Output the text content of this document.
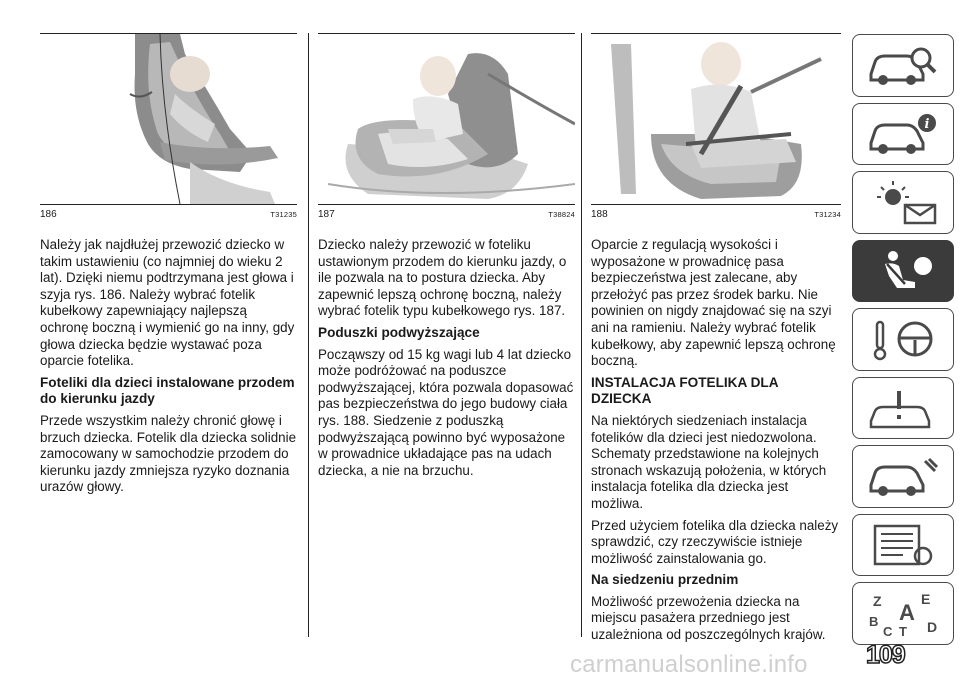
186	T31235

Należy jak najdłużej przewozić dziecko w takim ustawieniu (co najmniej do wieku 2 lat). Dzięki niemu podtrzymana jest głowa i szyja rys. 186. Należy wybrać fotelik kubełkowy zapewniający najlepszą ochronę boczną i wymienić go na inny, gdy głowa dziecka będzie wystawać poza oparcie fotelika.

Foteliki dla dzieci instalowane przodem do kierunku jazdy

Przede wszystkim należy chronić głowę i brzuch dziecka. Fotelik dla dziecka solidnie zamocowany w samochodzie przodem do kierunku jazdy zmniejsza ryzyko doznania urazów głowy.

187	T38824

Dziecko należy przewozić w foteliku ustawionym przodem do kierunku jazdy, o ile pozwala na to postura dziecka. Aby zapewnić lepszą ochronę boczną, należy wybrać fotelik typu kubełkowego rys. 187.

Poduszki podwyższające

Począwszy od 15 kg wagi lub 4 lat dziecko może podróżować na poduszce podwyższającej, która pozwala dopasować pas bezpieczeństwa do jego budowy ciała rys. 188. Siedzenie z poduszką podwyższającą powinno być wyposażone w prowadnice układające pas na udach dziecka, a nie na brzuchu.

188	T31234

Oparcie z regulacją wysokości i wyposażone w prowadnicę pasa bezpieczeństwa jest zalecane, aby przełożyć pas przez środek barku. Nie powinien on nigdy znajdować się na szyi ani na ramieniu. Należy wybrać fotelik kubełkowy, aby zapewnić lepszą ochronę boczną.

INSTALACJA FOTELIKA DLA DZIECKA

Na niektórych siedzeniach instalacja fotelików dla dzieci jest niedozwolona. Schematy przedstawione na kolejnych stronach wskazują położenia, w których instalacja fotelika dla dziecka jest możliwa.

Przed użyciem fotelika dla dziecka należy sprawdzić, czy rzeczywiście istnieje możliwość zainstalowania go.

Na siedzeniu przednim

Możliwość przewożenia dziecka na miejscu pasażera przedniego jest uzależniona od poszczególnych krajów.

i
Z	E
A
B
C T D
carmanualsonline.info 109
